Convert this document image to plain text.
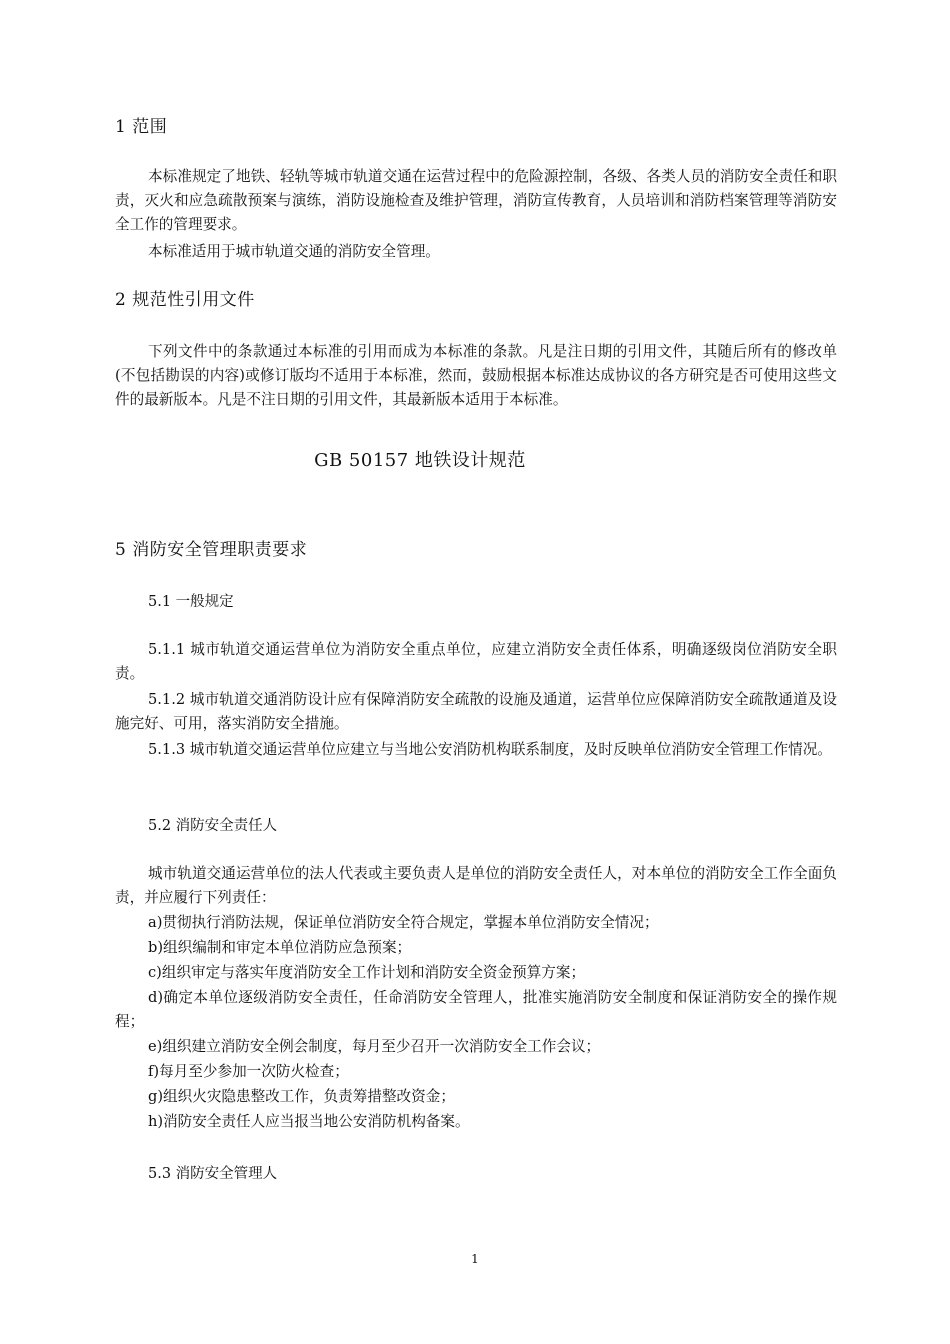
1 范围
本标准规定了地铁、轻轨等城市轨道交通在运营过程中的危险源控制，各级、各类人员的消防安全责任和职责，灭火和应急疏散预案与演练，消防设施检查及维护管理，消防宣传教育，人员培训和消防档案管理等消防安全工作的管理要求。
本标准适用于城市轨道交通的消防安全管理。
2 规范性引用文件
下列文件中的条款通过本标准的引用而成为本标准的条款。凡是注日期的引用文件，其随后所有的修改单(不包括勘误的内容)或修订版均不适用于本标准，然而，鼓励根据本标准达成协议的各方研究是否可使用这些文件的最新版本。凡是不注日期的引用文件，其最新版本适用于本标准。
GB 50157 地铁设计规范
5 消防安全管理职责要求
5.1 一般规定
5.1.1 城市轨道交通运营单位为消防安全重点单位，应建立消防安全责任体系，明确逐级岗位消防安全职责。
5.1.2 城市轨道交通消防设计应有保障消防安全疏散的设施及通道，运营单位应保障消防安全疏散通道及设施完好、可用，落实消防安全措施。
5.1.3 城市轨道交通运营单位应建立与当地公安消防机构联系制度，及时反映单位消防安全管理工作情况。
5.2 消防安全责任人
城市轨道交通运营单位的法人代表或主要负责人是单位的消防安全责任人，对本单位的消防安全工作全面负责，并应履行下列责任：
a)贯彻执行消防法规，保证单位消防安全符合规定，掌握本单位消防安全情况；
b)组织编制和审定本单位消防应急预案；
c)组织审定与落实年度消防安全工作计划和消防安全资金预算方案；
d)确定本单位逐级消防安全责任，任命消防安全管理人，批准实施消防安全制度和保证消防安全的操作规程；
e)组织建立消防安全例会制度，每月至少召开一次消防安全工作会议；
f)每月至少参加一次防火检查；
g)组织火灾隐患整改工作，负责筹措整改资金；
h)消防安全责任人应当报当地公安消防机构备案。
5.3 消防安全管理人
1
